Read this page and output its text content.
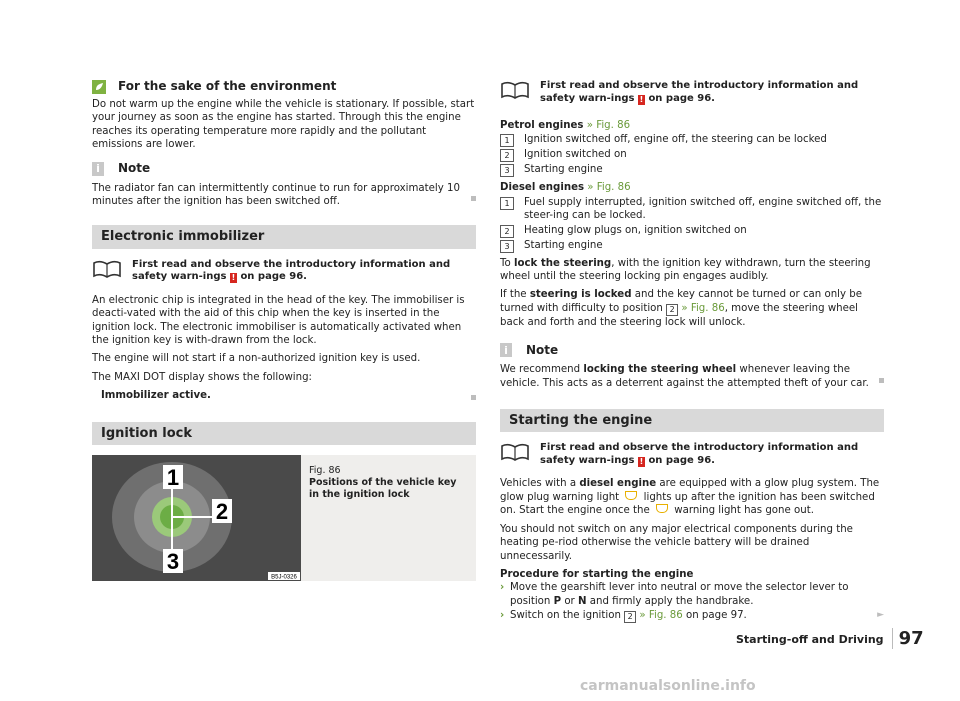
For the sake of the environment

Do not warm up the engine while the vehicle is stationary. If possible, start your journey as soon as the engine has started. Through this the engine reaches its operating temperature more rapidly and the pollutant emissions are lower.

i	Note

The radiator fan can intermittently continue to run for approximately 10 minutes after the ignition has been switched off.

Electronic immobilizer
First read and observe the introductory information and safety warn-ings ! on page 96.

An electronic chip is integrated in the head of the key. The immobiliser is deacti-vated with the aid of this chip when the key is inserted in the ignition lock. The electronic immobiliser is automatically activated when the ignition key is with-drawn from the lock.

The engine will not start if a non-authorized ignition key is used.

The MAXI DOT display shows the following:

Immobilizer active.

Ignition lock
1
2
3
B5J-0326
Fig. 86
Positions of the vehicle key in the ignition lock
First read and observe the introductory information and safety warn-ings ! on page 96.
Petrol engines » Fig. 86
1	Ignition switched off, engine off, the steering can be locked
2	Ignition switched on
3	Starting engine
Diesel engines » Fig. 86
1	Fuel supply interrupted, ignition switched off, engine switched off, the steer-ing can be locked.
2	Heating glow plugs on, ignition switched on
3	Starting engine

To lock the steering, with the ignition key withdrawn, turn the steering wheel until the steering locking pin engages audibly.

If the steering is locked and the key cannot be turned or can only be turned with difficulty to position 2 » Fig. 86, move the steering wheel back and forth and the steering lock will unlock.

i	Note

We recommend locking the steering wheel whenever leaving the vehicle. This acts as a deterrent against the attempted theft of your car.

Starting the engine
First read and observe the introductory information and safety warn-ings ! on page 96.

Vehicles with a diesel engine are equipped with a glow plug system. The glow plug warning light lights up after the ignition has been switched on. Start the engine once the warning light has gone out.

You should not switch on any major electrical components during the heating pe-riod otherwise the vehicle battery will be drained unnecessarily.

Procedure for starting the engine
› Move the gearshift lever into neutral or move the selector lever to position P or N and firmly apply the handbrake.
› Switch on the ignition 2 » Fig. 86 on page 97.	►
Starting-off and Driving 97
carmanualsonline.info
